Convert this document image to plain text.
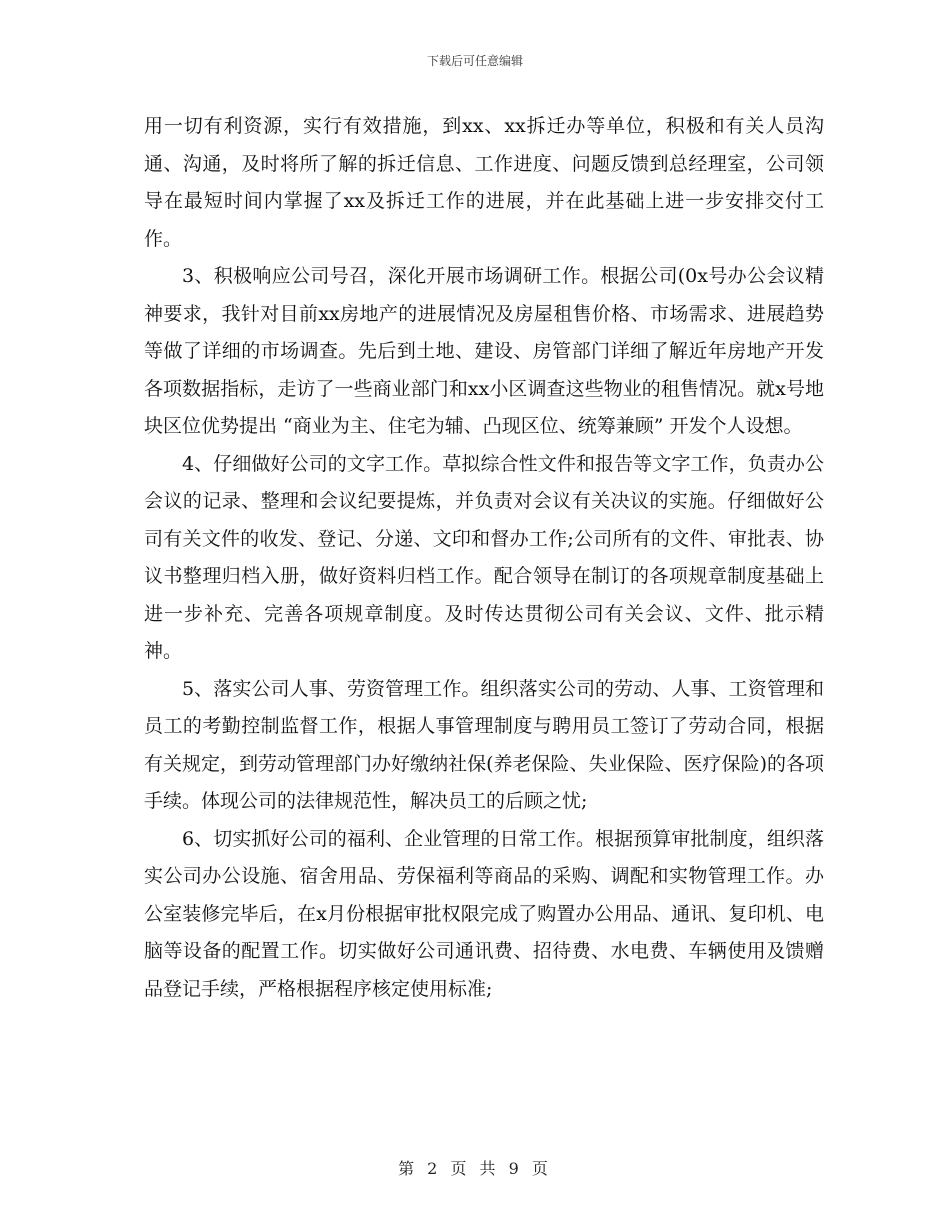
下载后可任意编辑

用一切有利资源，实行有效措施，到xx、xx拆迁办等单位，积极和有关人员沟通、沟通，及时将所了解的拆迁信息、工作进度、问题反馈到总经理室，公司领导在最短时间内掌握了xx及拆迁工作的进展，并在此基础上进一步安排交付工作。

3、积极响应公司号召，深化开展市场调研工作。根据公司(0x号办公会议精神要求，我针对目前xx房地产的进展情况及房屋租售价格、市场需求、进展趋势等做了详细的市场调查。先后到土地、建设、房管部门详细了解近年房地产开发各项数据指标，走访了一些商业部门和xx小区调查这些物业的租售情况。就x号地块区位优势提出 “商业为主、住宅为辅、凸现区位、统筹兼顾” 开发个人设想。

4、仔细做好公司的文字工作。草拟综合性文件和报告等文字工作，负责办公会议的记录、整理和会议纪要提炼，并负责对会议有关决议的实施。仔细做好公司有关文件的收发、登记、分递、文印和督办工作;公司所有的文件、审批表、协议书整理归档入册，做好资料归档工作。配合领导在制订的各项规章制度基础上进一步补充、完善各项规章制度。及时传达贯彻公司有关会议、文件、批示精神。

5、落实公司人事、劳资管理工作。组织落实公司的劳动、人事、工资管理和员工的考勤控制监督工作，根据人事管理制度与聘用员工签订了劳动合同，根据有关规定，到劳动管理部门办好缴纳社保(养老保险、失业保险、医疗保险)的各项手续。体现公司的法律规范性，解决员工的后顾之忧;

6、切实抓好公司的福利、企业管理的日常工作。根据预算审批制度，组织落实公司办公设施、宿舍用品、劳保福利等商品的采购、调配和实物管理工作。办公室装修完毕后，在x月份根据审批权限完成了购置办公用品、通讯、复印机、电脑等设备的配置工作。切实做好公司通讯费、招待费、水电费、车辆使用及馈赠品登记手续，严格根据程序核定使用标准;

第 2 页 共 9 页
